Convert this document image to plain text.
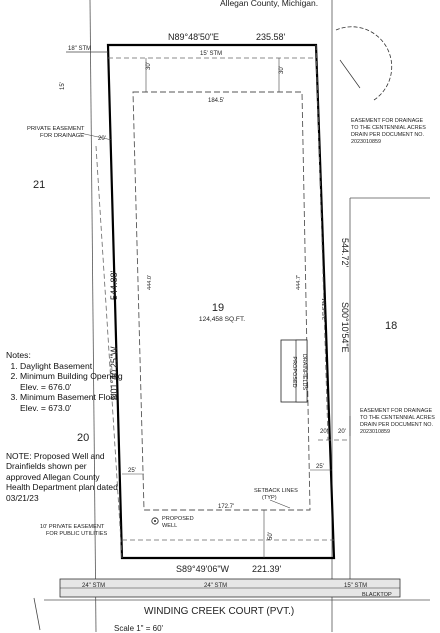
Allegan County, Michigan.
PROPOSED DRAINFIELDS
PROPOSED
WELL
18" STM
15' STM
15'
N89°48'50"E	235.58'
30'
30'
184.5'
PRIVATE EASEMENT
FOR DRAINAGE 20'
EASEMENT FOR DRAINAGE
TO THE CENTENNIAL ACRES
DRAIN PER DOCUMENT NO.
2023010859
21
18
20
N01°40'25"W
544.88'
544.72'
S00°10'54"E
444.0'	444.7'
24" STM
19
124,458 SQ.FT.
EASEMENT FOR DRAINAGE
TO THE CENTENNIAL ACRES
DRAIN PER DOCUMENT NO.
2023010859
20' 20'
25'
25'
SETBACK LINES
(TYP)
172.7'
10' PRIVATE EASEMENT
FOR PUBLIC UTILITIES	50'
S89°49'06"W	221.39'
24" STM	24" STM	15" STM
BLACKTOP
WINDING CREEK COURT (PVT.)
Notes:
1. Daylight Basement
2. Minimum Building Opening Elev. = 676.0'
3. Minimum Basement Floor Elev. = 673.0'
NOTE: Proposed Well and Drainfields shown per approved Allegan County Health Department plan dated 03/21/23
Scale 1" = 60'
